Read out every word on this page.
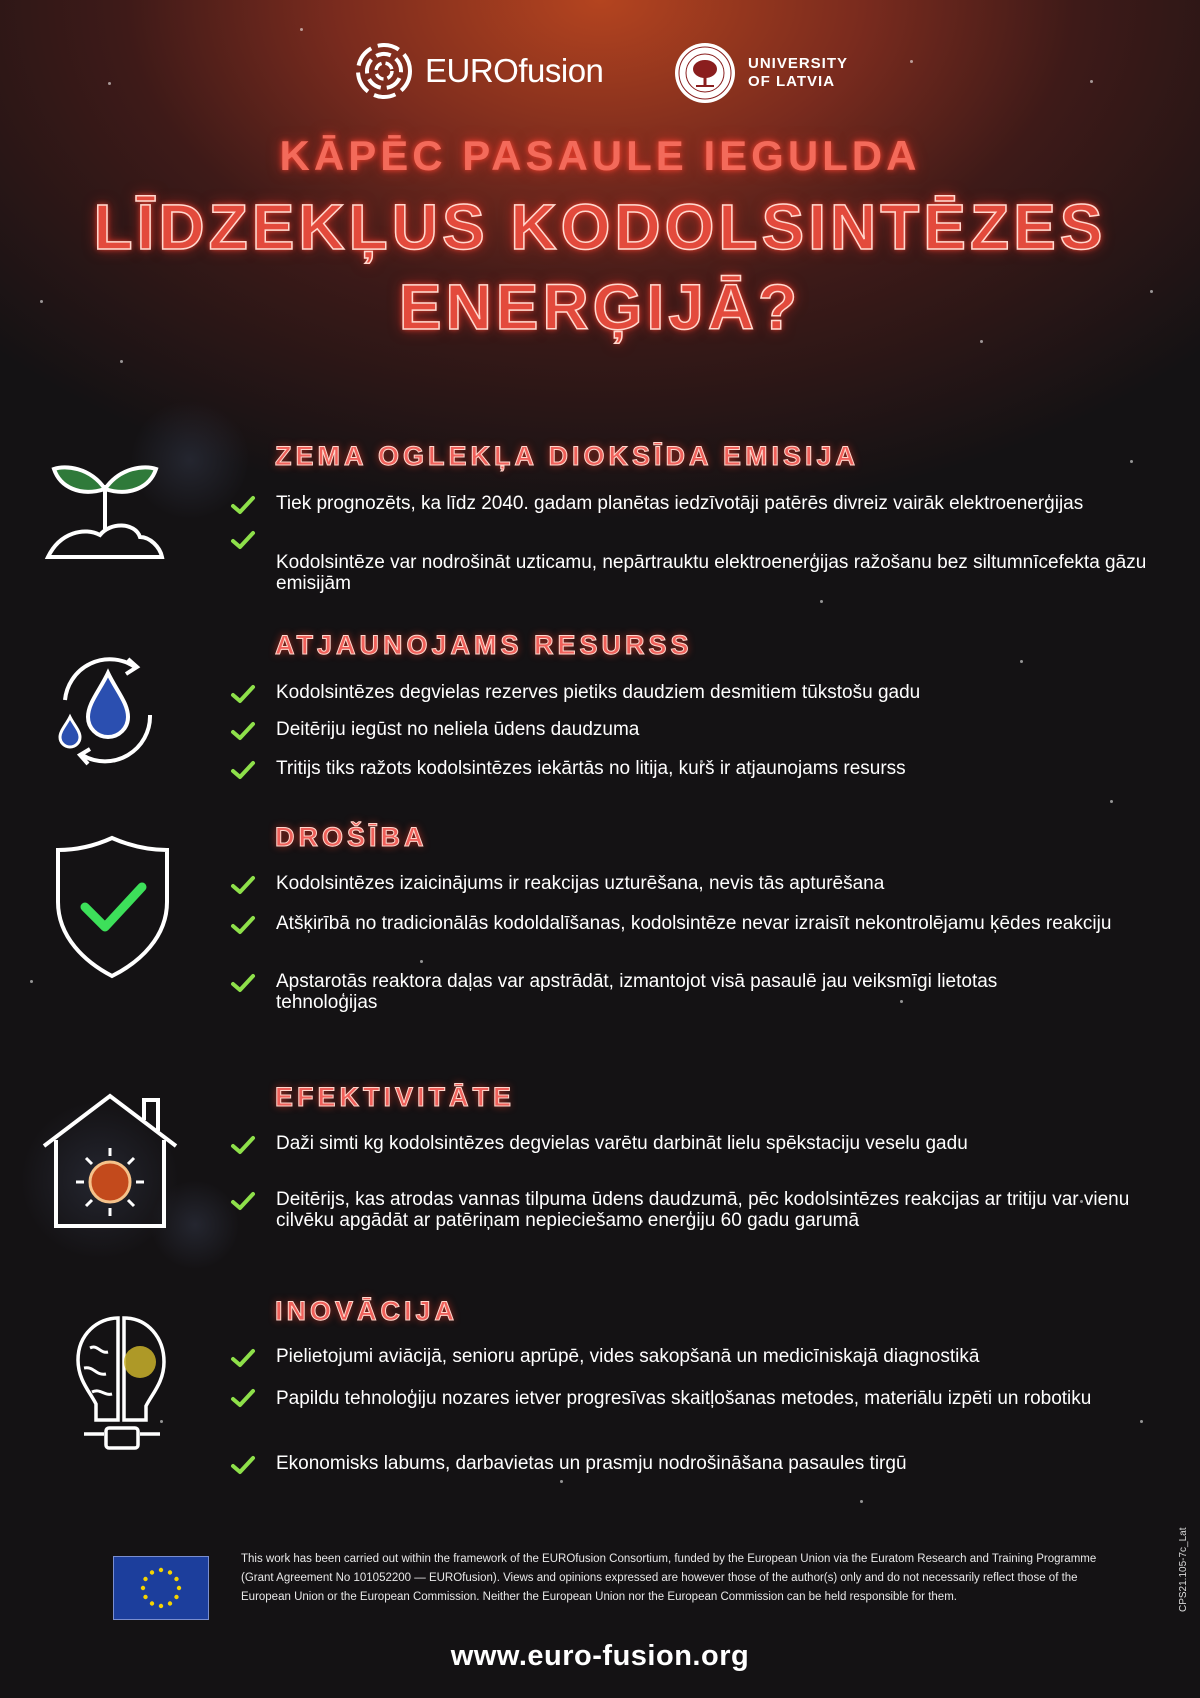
EUROfusion	UNIVERSITY
OF LATVIA
KĀPĒC PASAULE IEGULDA
LĪDZEKĻUS KODOLSINTĒZES
ENERĢIJĀ?
ZEMA OGLEKĻA DIOKSĪDA EMISIJA
Tiek prognozēts, ka līdz 2040. gadam planētas iedzīvotāji patērēs divreiz vairāk elektroenerģijas
Kodolsintēze var nodrošināt uzticamu, nepārtrauktu elektroenerģijas ražošanu bez siltumnīcefekta gāzu emisijām
ATJAUNOJAMS RESURSS
Kodolsintēzes degvielas rezerves pietiks daudziem desmitiem tūkstošu gadu
Deitēriju iegūst no neliela ūdens daudzuma
Tritijs tiks ražots kodolsintēzes iekārtās no litija, kurš ir atjaunojams resurss
DROŠĪBA
Kodolsintēzes izaicinājums ir reakcijas uzturēšana, nevis tās apturēšana
Atšķirībā no tradicionālās kodoldalīšanas, kodolsintēze nevar izraisīt nekontrolējamu ķēdes reakciju
Apstarotās reaktora daļas var apstrādāt, izmantojot visā pasaulē jau veiksmīgi lietotas tehnoloģijas
EFEKTIVITĀTE
Daži simti kg kodolsintēzes degvielas varētu darbināt lielu spēkstaciju veselu gadu
Deitērijs, kas atrodas vannas tilpuma ūdens daudzumā, pēc kodolsintēzes reakcijas ar tritiju var vienu cilvēku apgādāt ar patēriņam nepieciešamo enerģiju 60 gadu garumā
INOVĀCIJA
Pielietojumi aviācijā, senioru aprūpē, vides sakopšanā un medicīniskajā diagnostikā
Papildu tehnoloģiju nozares ietver progresīvas skaitļošanas metodes, materiālu izpēti un robotiku
Ekonomisks labums, darbavietas un prasmju nodrošināšana pasaules tirgū
This work has been carried out within the framework of the EUROfusion Consortium, funded by the European Union via the Euratom Research and Training Programme (Grant Agreement No 101052200 — EUROfusion). Views and opinions expressed are however those of the author(s) only and do not necessarily reflect those of the European Union or the European Commission. Neither the European Union nor the European Commission can be held responsible for them.
www.euro-fusion.org
CPS21.105-7c_Lat
